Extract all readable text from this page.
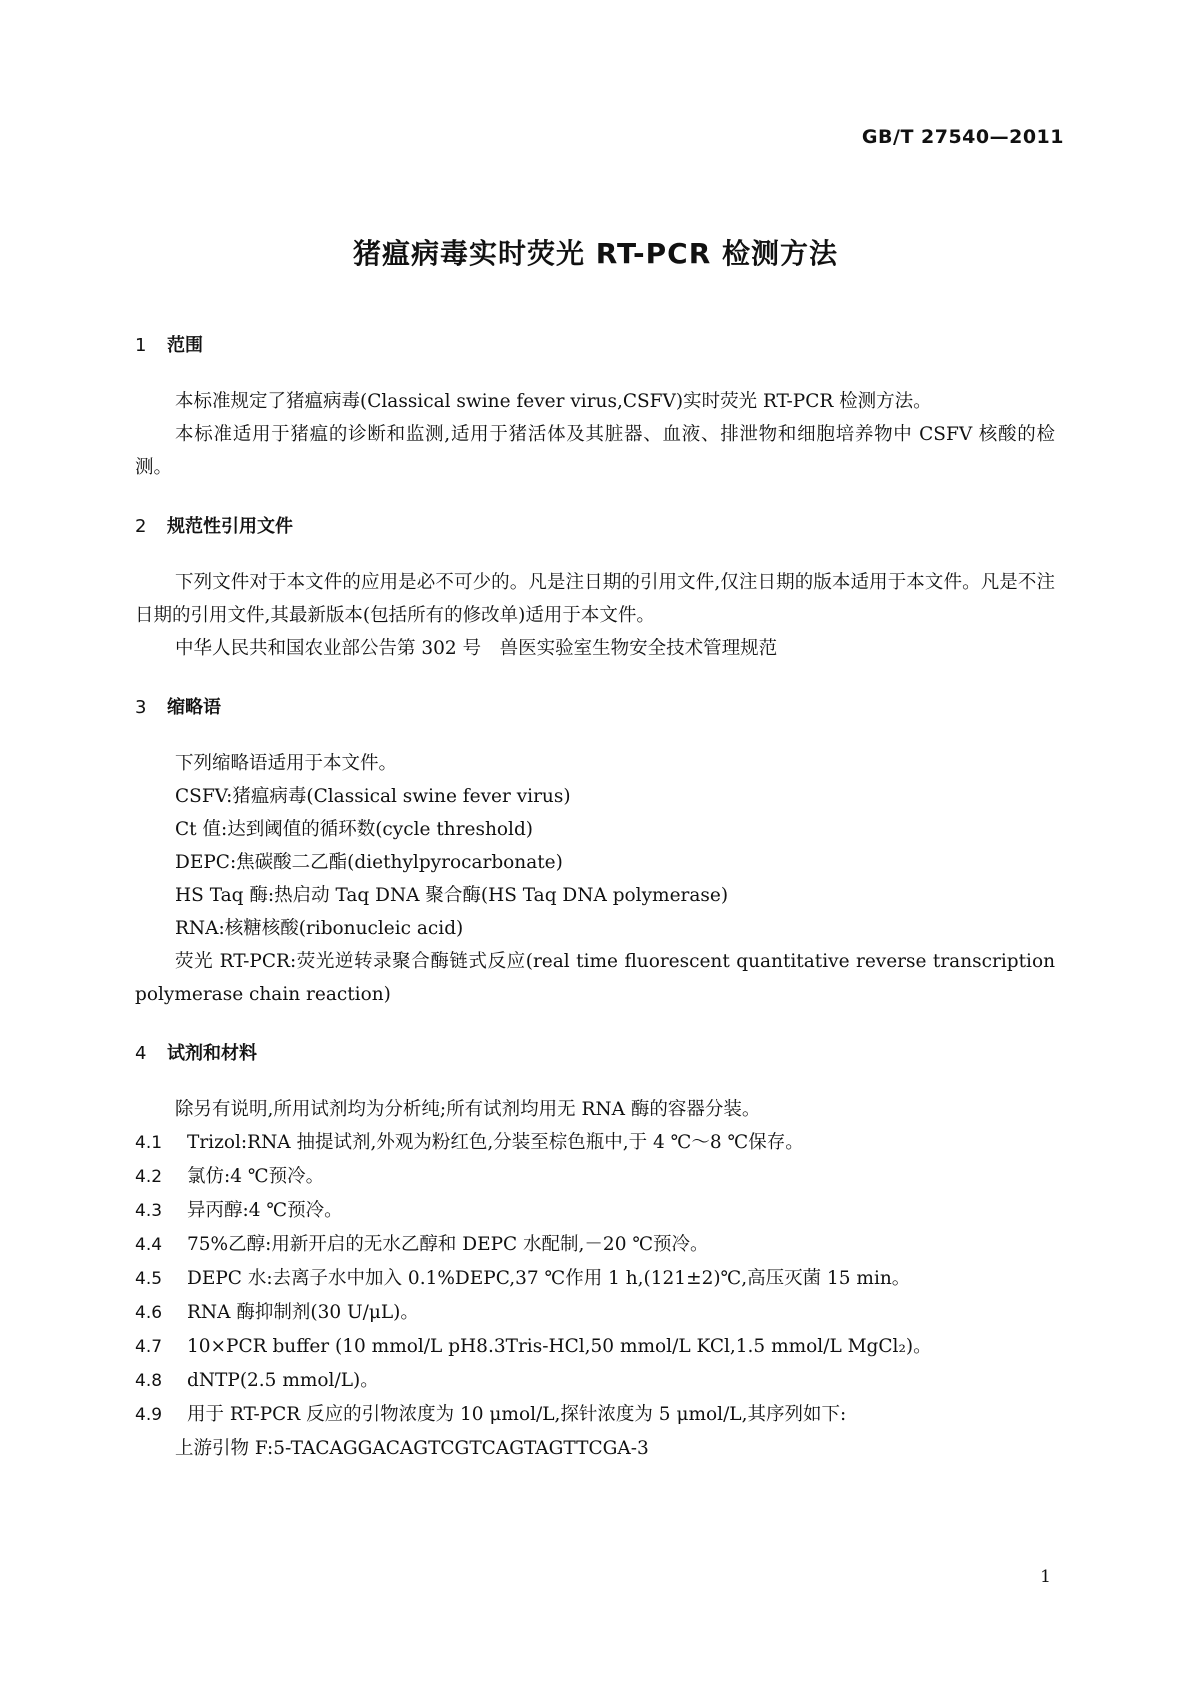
GB/T 27540—2011
猪瘟病毒实时荧光 RT-PCR 检测方法
1 范围

本标准规定了猪瘟病毒(Classical swine fever virus,CSFV)实时荧光 RT-PCR 检测方法。

本标准适用于猪瘟的诊断和监测,适用于猪活体及其脏器、血液、排泄物和细胞培养物中 CSFV 核酸的检测。

2 规范性引用文件

下列文件对于本文件的应用是必不可少的。凡是注日期的引用文件,仅注日期的版本适用于本文件。凡是不注日期的引用文件,其最新版本(包括所有的修改单)适用于本文件。

中华人民共和国农业部公告第 302 号　兽医实验室生物安全技术管理规范

3 缩略语

下列缩略语适用于本文件。

CSFV:猪瘟病毒(Classical swine fever virus)

Ct 值:达到阈值的循环数(cycle threshold)

DEPC:焦碳酸二乙酯(diethylpyrocarbonate)

HS Taq 酶:热启动 Taq DNA 聚合酶(HS Taq DNA polymerase)

RNA:核糖核酸(ribonucleic acid)

荧光 RT-PCR:荧光逆转录聚合酶链式反应(real time fluorescent quantitative reverse transcription polymerase chain reaction)

4 试剂和材料

除另有说明,所用试剂均为分析纯;所有试剂均用无 RNA 酶的容器分装。

4.1 Trizol:RNA 抽提试剂,外观为粉红色,分装至棕色瓶中,于 4 ℃～8 ℃保存。

4.2 氯仿:4 ℃预冷。

4.3 异丙醇:4 ℃预冷。

4.4 75%乙醇:用新开启的无水乙醇和 DEPC 水配制,－20 ℃预冷。

4.5 DEPC 水:去离子水中加入 0.1%DEPC,37 ℃作用 1 h,(121±2)℃,高压灭菌 15 min。

4.6 RNA 酶抑制剂(30 U/μL)。

4.7 10×PCR buffer (10 mmol/L pH8.3Tris-HCl,50 mmol/L KCl,1.5 mmol/L MgCl₂)。

4.8 dNTP(2.5 mmol/L)。

4.9 用于 RT-PCR 反应的引物浓度为 10 μmol/L,探针浓度为 5 μmol/L,其序列如下:

上游引物 F:5-TACAGGACAGTCGTCAGTAGTTCGA-3

1
